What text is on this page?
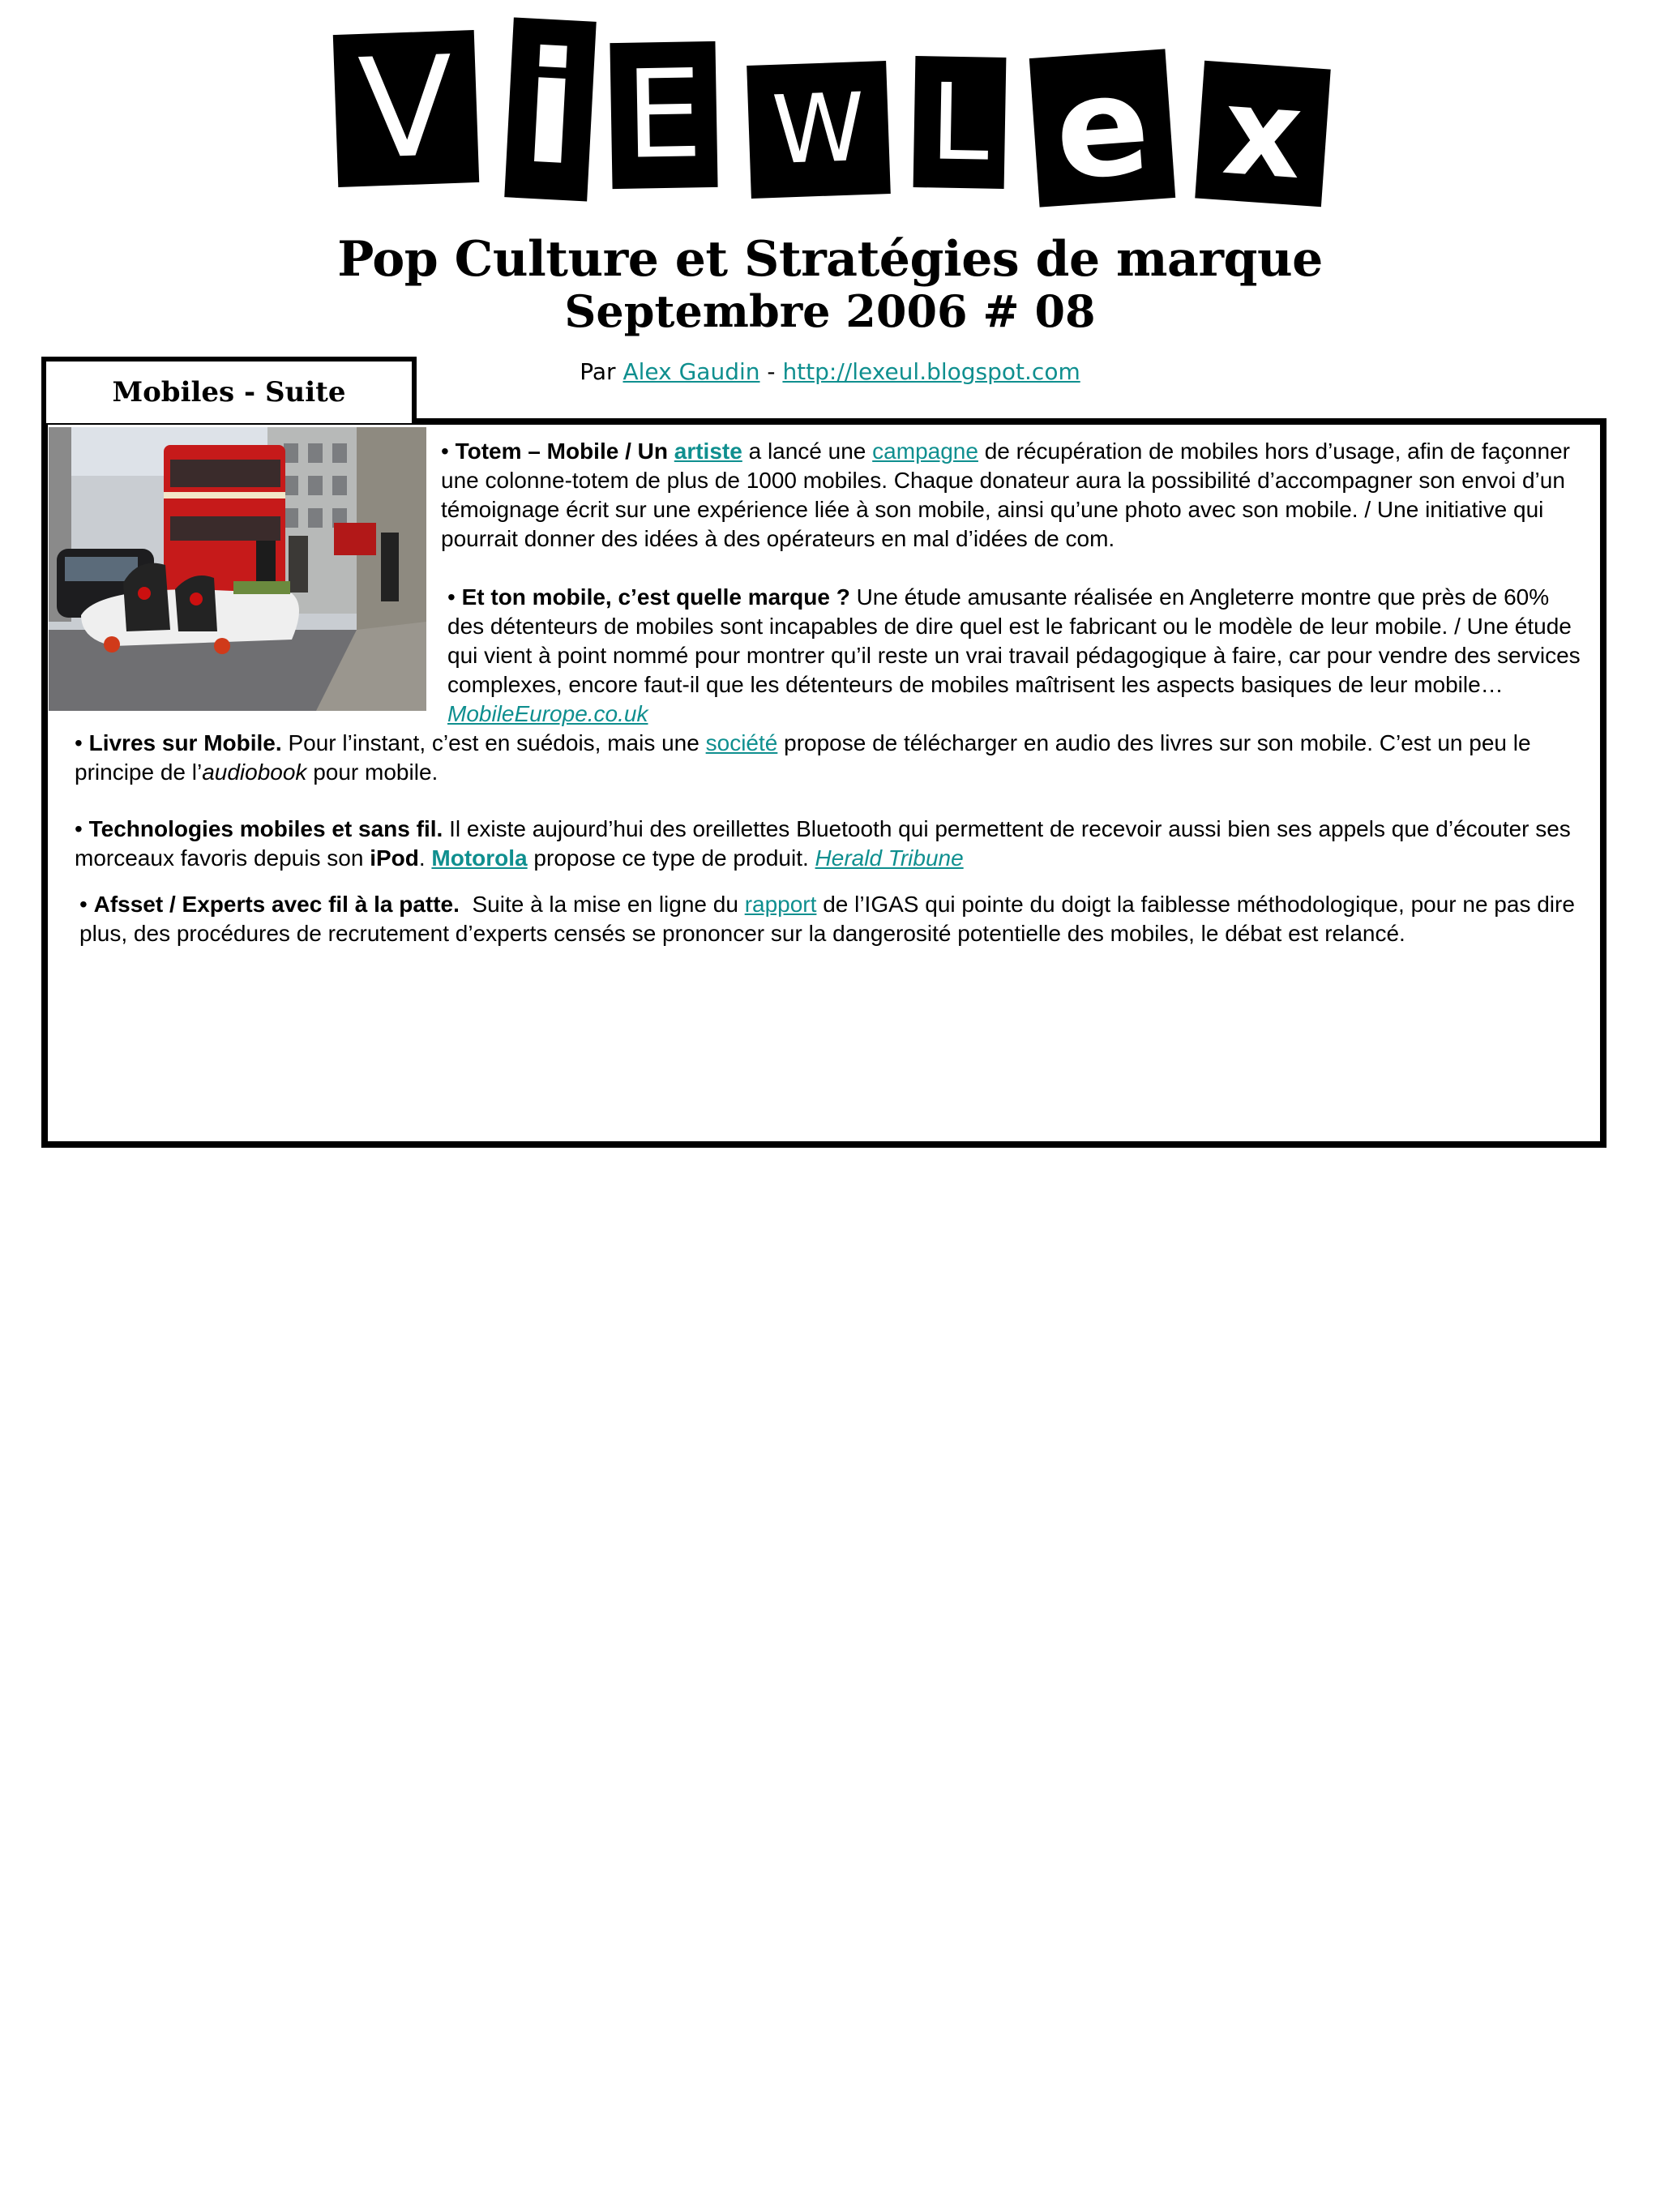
V i E W L e x
Pop Culture et Stratégies de marque
Septembre 2006 # 08
Par Alex Gaudin - http://lexeul.blogspot.com
Mobiles - Suite
• Totem – Mobile / Un artiste a lancé une campagne de récupération de mobiles hors d’usage, afin de façonner une colonne-totem de plus de 1000 mobiles. Chaque donateur aura la possibilité d’accompagner son envoi d’un témoignage écrit sur une expérience liée à son mobile, ainsi qu’une photo avec son mobile. / Une initiative qui pourrait donner des idées à des opérateurs en mal d’idées de com.
• Et ton mobile, c’est quelle marque ? Une étude amusante réalisée en Angleterre montre que près de 60% des détenteurs de mobiles sont incapables de dire quel est le fabricant ou le modèle de leur mobile. / Une étude qui vient à point nommé pour montrer qu’il reste un vrai travail pédagogique à faire, car pour vendre des services complexes, encore faut-il que les détenteurs de mobiles maîtrisent les aspects basiques de leur mobile…MobileEurope.co.uk
• Livres sur Mobile. Pour l’instant, c’est en suédois, mais une société propose de télécharger en audio des livres sur son mobile. C’est un peu le principe de l’audiobook pour mobile.
• Technologies mobiles et sans fil. Il existe aujourd’hui des oreillettes Bluetooth qui permettent de recevoir aussi bien ses appels que d’écouter ses morceaux favoris depuis son iPod. Motorola propose ce type de produit. Herald Tribune
• Afsset / Experts avec fil à la patte. Suite à la mise en ligne du rapport de l’IGAS qui pointe du doigt la faiblesse méthodologique, pour ne pas dire plus, des procédures de recrutement d’experts censés se prononcer sur la dangerosité potentielle des mobiles, le débat est relancé.
